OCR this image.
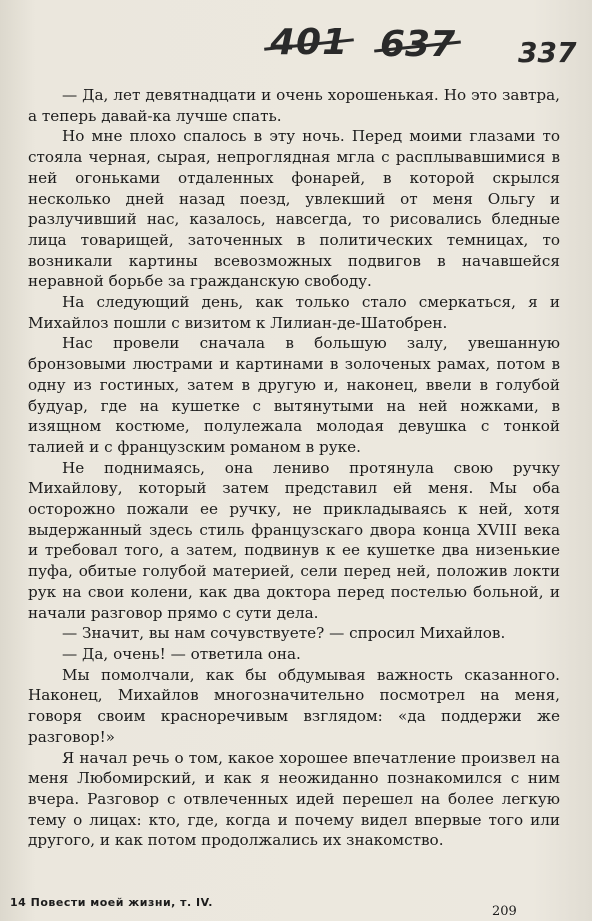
401 637 337

— Да, лет девятнадцати и очень хорошенькая. Но это завтра, а теперь давай-ка лучше спать.

Но мне плохо спалось в эту ночь. Перед моими глазами то стояла черная, сырая, непроглядная мгла с расплывавшимися в ней огоньками отдаленных фонарей, в которой скрылся несколько дней назад поезд, увлекший от меня Ольгу и разлучивший нас, казалось, навсегда, то рисовались бледные лица товарищей, заточенных в политических темницах, то возникали картины всевозможных подвигов в начавшейся неравной борьбе за гражданскую свободу.

На следующий день, как только стало смеркаться, я и Михайлоз пошли с визитом к Лилиан-де-Шатобрен.

Нас провели сначала в большую залу, увешанную бронзовыми люстрами и картинами в золоченых рамах, потом в одну из гостиных, затем в другую и, наконец, ввели в голубой будуар, где на кушетке с вытянутыми на ней ножками, в изящном костюме, полулежала молодая девушка с тонкой талией и с французским романом в руке.

Не поднимаясь, она лениво протянула свою ручку Михайлову, который затем представил ей меня. Мы оба осторожно пожали ее ручку, не прикладываясь к ней, хотя выдержанный здесь стиль французскаго двора конца XVIII века и требовал того, а затем, подвинув к ее кушетке два низенькие пуфа, обитые голубой материей, сели перед ней, положив локти рук на свои колени, как два доктора перед постелью больной, и начали разговор прямо с сути дела.

— Значит, вы нам сочувствуете? — спросил Михайлов.

— Да, очень! — ответила она.

Мы помолчали, как бы обдумывая важность сказанного. Наконец, Михайлов многозначительно посмотрел на меня, говоря своим красноречивым взглядом: «да поддержи же разговор!»

Я начал речь о том, какое хорошее впечатление произвел на меня Любомирский, и как я неожиданно познакомился с ним вчера. Разговор с отвлеченных идей перешел на более легкую тему о лицах: кто, где, когда и почему видел впервые того или другого, и как потом продолжались их знакомство.

14 Повести моей жизни, т. IV.
209
